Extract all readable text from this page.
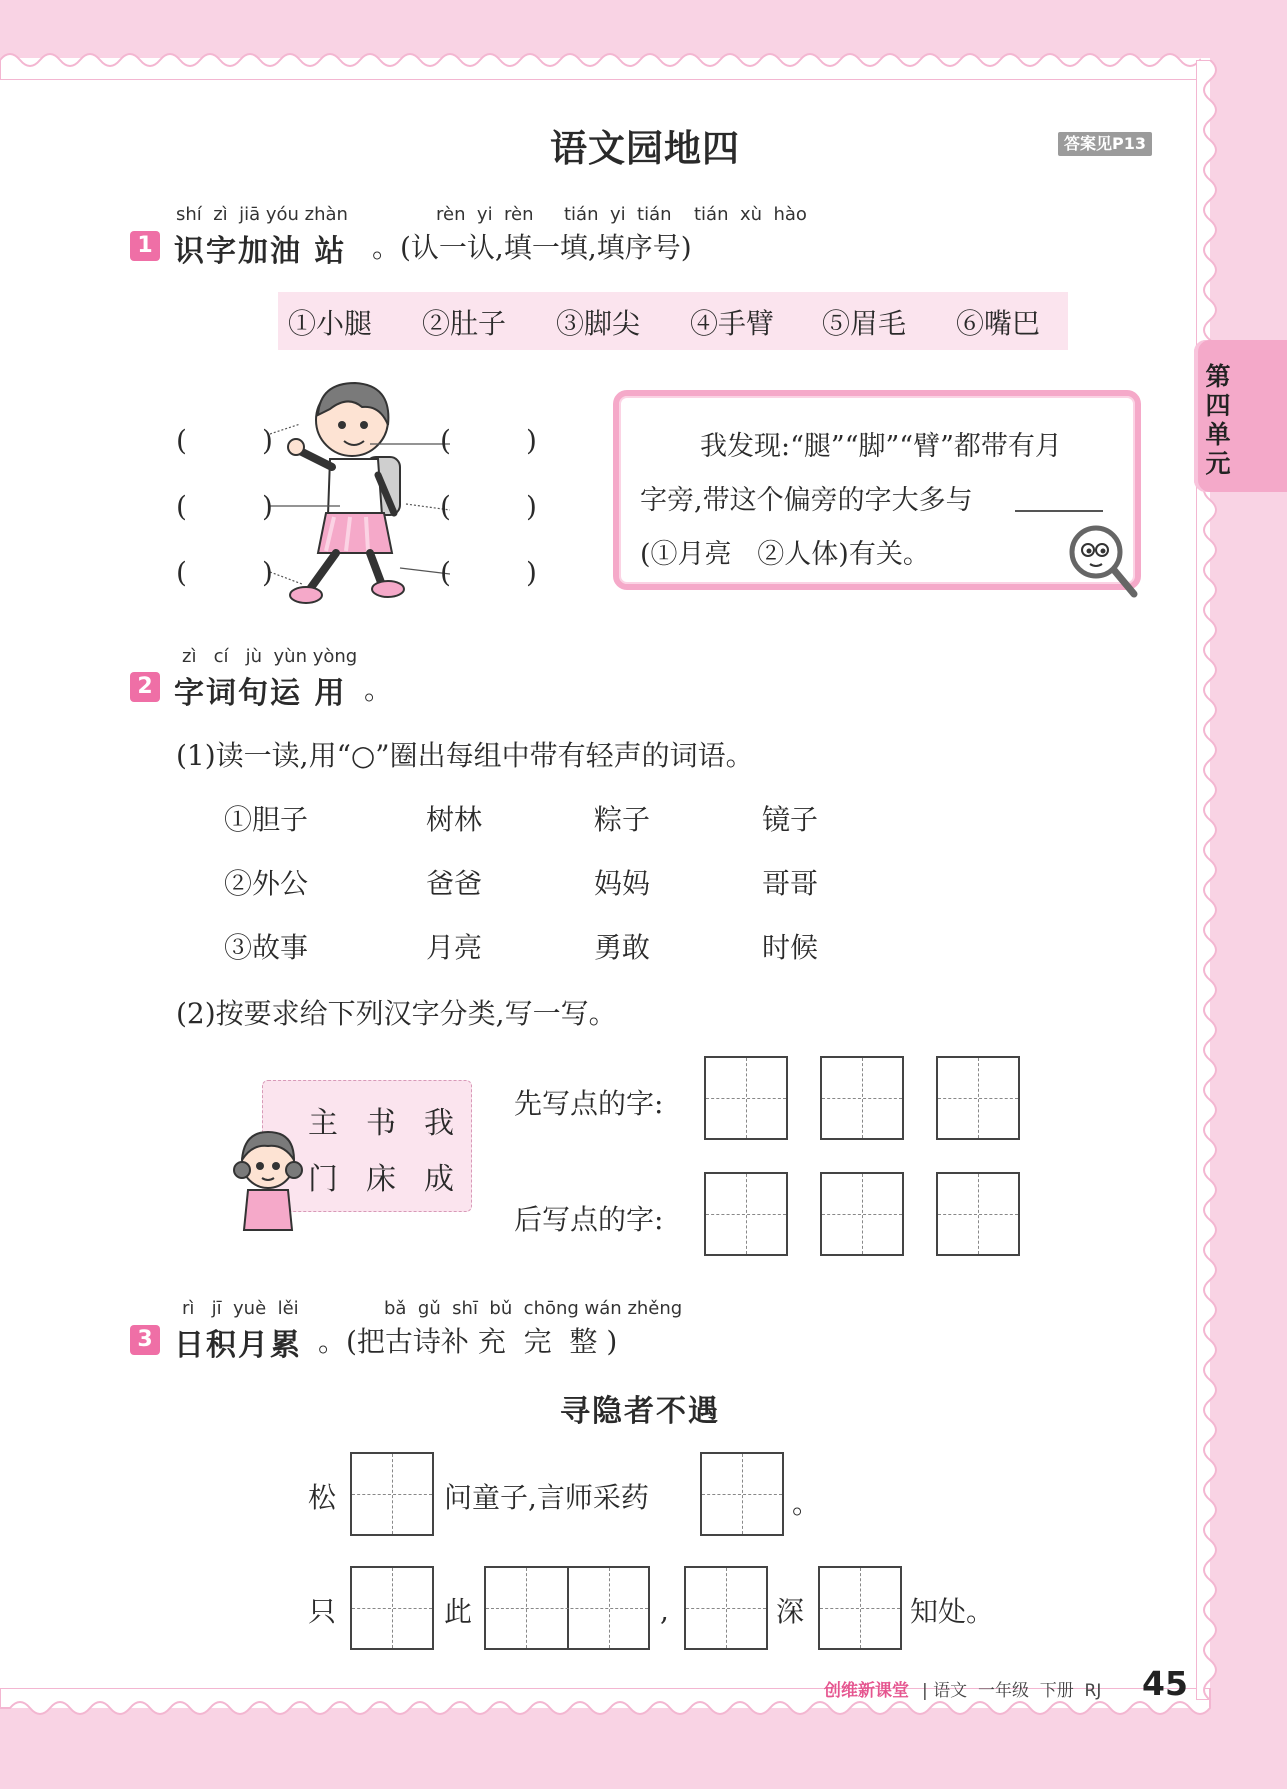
第四单元
语文园地四	答案见P13
shí  zì  jiā yóu zhàn	rèn  yi  rèn tián  yi  tián tián  xù  hào
1 识字加油 站 。(认一认,填一填,填序号)
①小腿 ②肚子 ③脚尖 ④手臂 ⑤眉毛 ⑥嘴巴
(	)
(	)
(	)
(	)
(	)
(	)
我发现:“腿”“脚”“臂”都带有月
字旁,带这个偏旁的字大多与
(①月亮   ②人体)有关。
zì   cí   jù  yùn yòng
2 字词句运 用 。
(1)读一读,用“○”圈出每组中带有轻声的词语。
①胆子	树林	粽子	镜子
②外公	爸爸	妈妈	哥哥
③故事	月亮	勇敢	时候
(2)按要求给下列汉字分类,写一写。
主 书 我
门 床 成
先写点的字:
后写点的字:
rì   jī  yuè  lěi	bǎ  gǔ  shī  bǔ  chōng wán zhěng
3 日积月累 。(把古诗补 充  完  整 )
寻隐者不遇
松	问童子,言师采药	。
只	此	,	深	知处。
创维新课堂 | 语文  一年级  下册  RJ 45
